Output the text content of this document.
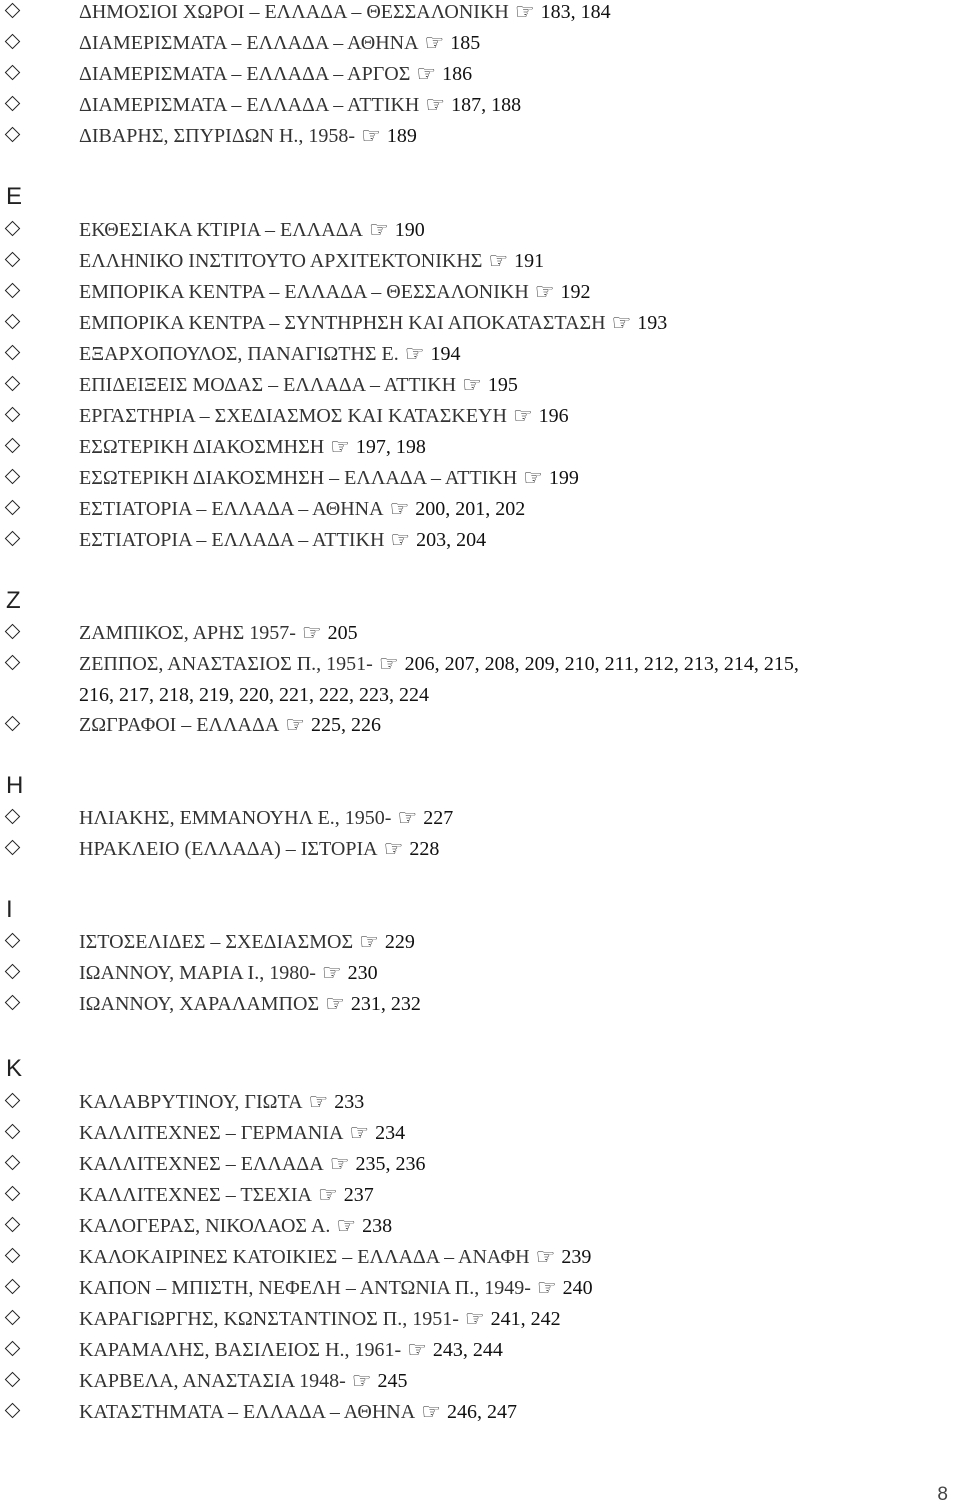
ΔΗΜΟΣΙΟΙ ΧΩΡΟΙ – ΕΛΛΑΔΑ – ΘΕΣΣΑΛΟΝΙΚΗ ☞ 183, 184
ΔΙΑΜΕΡΙΣΜΑΤΑ – ΕΛΛΑΔΑ – ΑΘΗΝΑ ☞ 185
ΔΙΑΜΕΡΙΣΜΑΤΑ – ΕΛΛΑΔΑ – ΑΡΓΟΣ ☞ 186
ΔΙΑΜΕΡΙΣΜΑΤΑ – ΕΛΛΑΔΑ – ΑΤΤΙΚΗ ☞ 187, 188
ΔΙΒΑΡΗΣ, ΣΠΥΡΙΔΩΝ Η., 1958- ☞ 189
Ε
ΕΚΘΕΣΙΑΚΑ ΚΤΙΡΙΑ – ΕΛΛΑΔΑ ☞ 190
ΕΛΛΗΝΙΚΟ ΙΝΣΤΙΤΟΥΤΟ ΑΡΧΙΤΕΚΤΟΝΙΚΗΣ ☞ 191
ΕΜΠΟΡΙΚΑ ΚΕΝΤΡΑ – ΕΛΛΑΔΑ – ΘΕΣΣΑΛΟΝΙΚΗ ☞ 192
ΕΜΠΟΡΙΚΑ ΚΕΝΤΡΑ – ΣΥΝΤΗΡΗΣΗ ΚΑΙ ΑΠΟΚΑΤΑΣΤΑΣΗ ☞ 193
ΕΞΑΡΧΟΠΟΥΛΟΣ, ΠΑΝΑΓΙΩΤΗΣ Ε. ☞ 194
ΕΠΙΔΕΙΞΕΙΣ ΜΟΔΑΣ – ΕΛΛΑΔΑ – ΑΤΤΙΚΗ ☞ 195
ΕΡΓΑΣΤΗΡΙΑ – ΣΧΕΔΙΑΣΜΟΣ ΚΑΙ ΚΑΤΑΣΚΕΥΗ ☞ 196
ΕΣΩΤΕΡΙΚΗ ΔΙΑΚΟΣΜΗΣΗ ☞ 197, 198
ΕΣΩΤΕΡΙΚΗ ΔΙΑΚΟΣΜΗΣΗ – ΕΛΛΑΔΑ – ΑΤΤΙΚΗ ☞ 199
ΕΣΤΙΑΤΟΡΙΑ – ΕΛΛΑΔΑ – ΑΘΗΝΑ ☞ 200, 201, 202
ΕΣΤΙΑΤΟΡΙΑ – ΕΛΛΑΔΑ – ΑΤΤΙΚΗ ☞ 203, 204
Ζ
ΖΑΜΠΙΚΟΣ, ΑΡΗΣ 1957- ☞ 205
ΖΕΠΠΟΣ, ΑΝΑΣΤΑΣΙΟΣ Π., 1951- ☞ 206, 207, 208, 209, 210, 211, 212, 213, 214, 215,
216, 217, 218, 219, 220, 221, 222, 223, 224
ΖΩΓΡΑΦΟΙ – ΕΛΛΑΔΑ ☞ 225, 226
Η
ΗΛΙΑΚΗΣ, ΕΜΜΑΝΟΥΗΛ Ε., 1950- ☞ 227
ΗΡΑΚΛΕΙΟ (ΕΛΛΑΔΑ) – ΙΣΤΟΡΙΑ ☞ 228
Ι
ΙΣΤΟΣΕΛΙΔΕΣ – ΣΧΕΔΙΑΣΜΟΣ ☞ 229
ΙΩΑΝΝΟΥ, ΜΑΡΙΑ Ι., 1980- ☞ 230
ΙΩΑΝΝΟΥ, ΧΑΡΑΛΑΜΠΟΣ ☞ 231, 232
Κ
ΚΑΛΑΒΡΥΤΙΝΟΥ, ΓΙΩΤΑ ☞ 233
ΚΑΛΛΙΤΕΧΝΕΣ – ΓΕΡΜΑΝΙΑ ☞ 234
ΚΑΛΛΙΤΕΧΝΕΣ – ΕΛΛΑΔΑ ☞ 235, 236
ΚΑΛΛΙΤΕΧΝΕΣ – ΤΣΕΧΙΑ ☞ 237
ΚΑΛΟΓΕΡΑΣ, ΝΙΚΟΛΑΟΣ Α. ☞ 238
ΚΑΛΟΚΑΙΡΙΝΕΣ ΚΑΤΟΙΚΙΕΣ – ΕΛΛΑΔΑ – ΑΝΑΦΗ ☞ 239
ΚΑΠΟΝ – ΜΠΙΣΤΗ, ΝΕΦΕΛΗ – ΑΝΤΩΝΙΑ Π., 1949- ☞ 240
ΚΑΡΑΓΙΩΡΓΗΣ, ΚΩΝΣΤΑΝΤΙΝΟΣ Π., 1951- ☞ 241, 242
ΚΑΡΑΜΑΛΗΣ, ΒΑΣΙΛΕΙΟΣ Η., 1961- ☞ 243, 244
ΚΑΡΒΕΛΑ, ΑΝΑΣΤΑΣΙΑ 1948- ☞ 245
ΚΑΤΑΣΤΗΜΑΤΑ – ΕΛΛΑΔΑ – ΑΘΗΝΑ ☞ 246, 247
8
